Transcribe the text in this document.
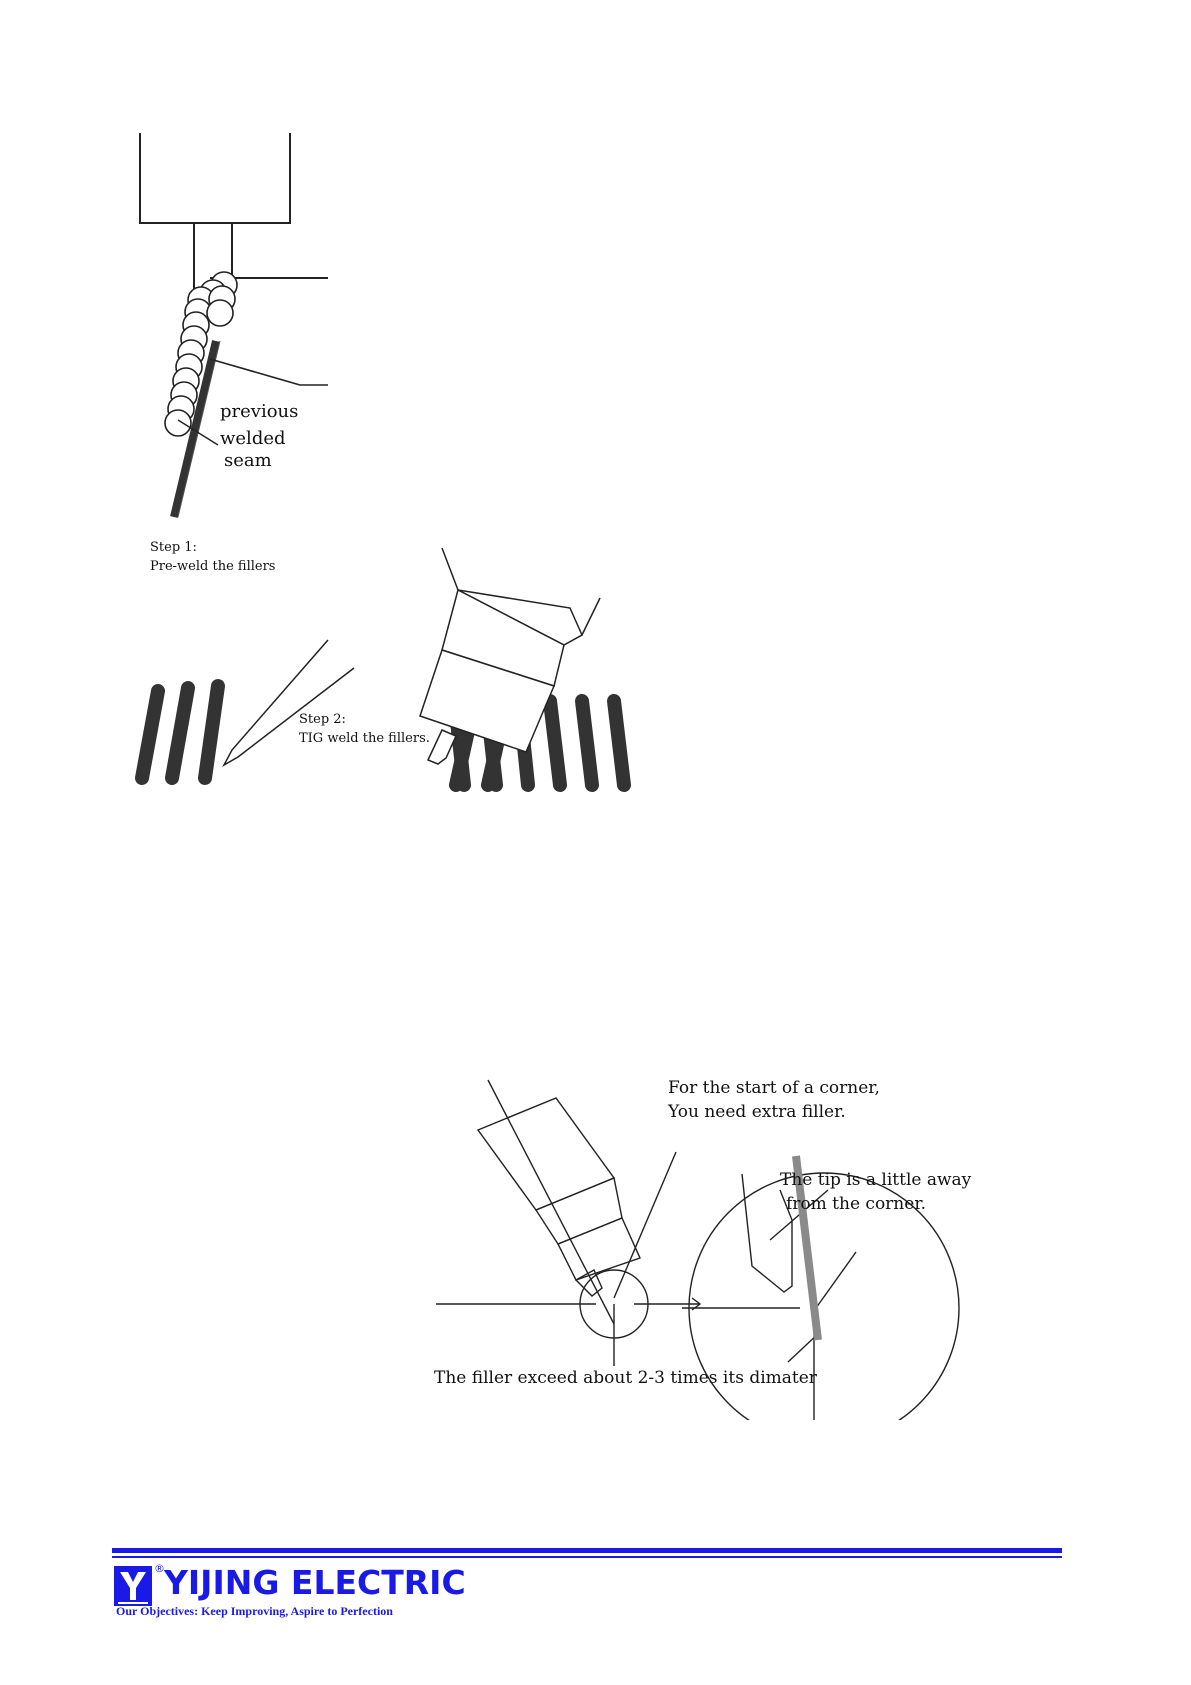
previous
welded
seam
Step 1:
Pre-weld the fillers
Step 2:
TIG weld the fillers.
For the start of a corner,
You need extra filler.
The tip is a little away
from the corner.
The filler exceed about 2-3 times its dimater
® YIJING ELECTRIC
Our Objectives: Keep Improving, Aspire to Perfection
